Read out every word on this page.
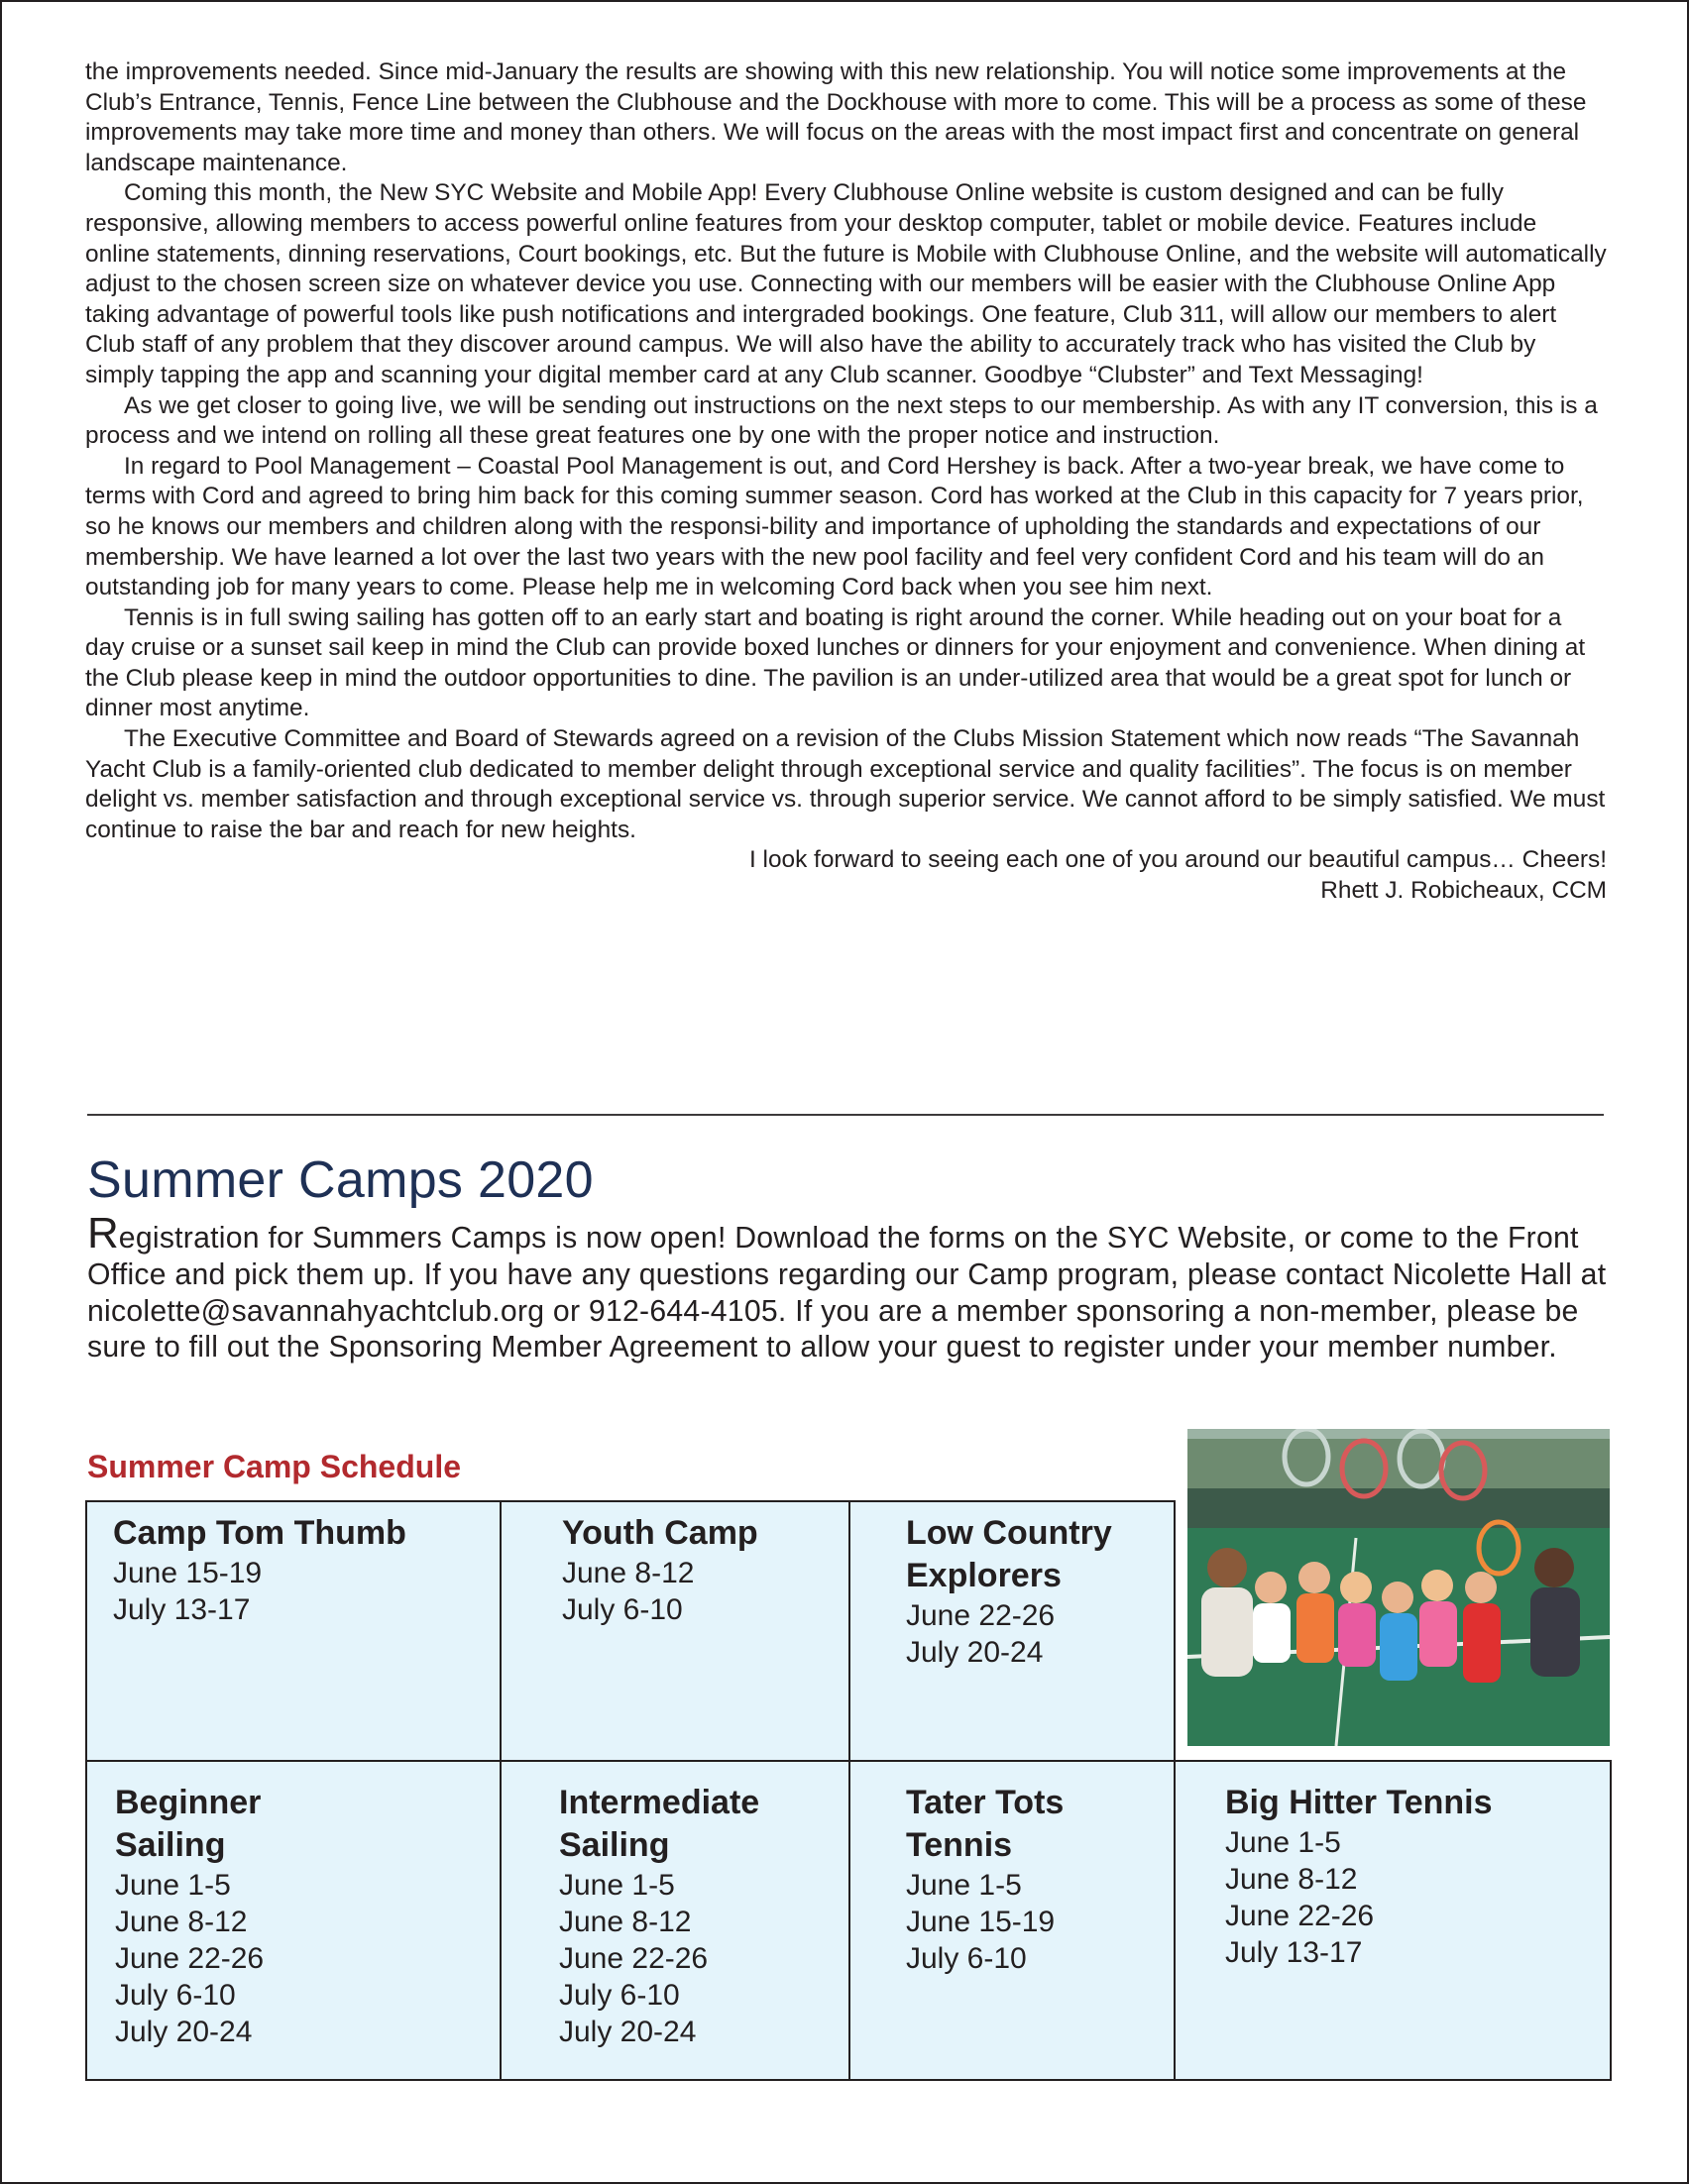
the improvements needed. Since mid-January the results are showing with this new relationship. You will notice some improvements at the Club’s Entrance, Tennis, Fence Line between the Clubhouse and the Dockhouse with more to come. This will be a process as some of these improvements may take more time and money than others. We will focus on the areas with the most impact first and concentrate on general landscape maintenance.

Coming this month, the New SYC Website and Mobile App! Every Clubhouse Online website is custom designed and can be fully responsive, allowing members to access powerful online features from your desktop computer, tablet or mobile device. Features include online statements, dinning reservations, Court bookings, etc. But the future is Mobile with Clubhouse Online, and the website will automatically adjust to the chosen screen size on whatever device you use. Connecting with our members will be easier with the Clubhouse Online App taking advantage of powerful tools like push notifications and intergraded bookings. One feature, Club 311, will allow our members to alert Club staff of any problem that they discover around campus. We will also have the ability to accurately track who has visited the Club by simply tapping the app and scanning your digital member card at any Club scanner. Goodbye “Clubster” and Text Messaging!

As we get closer to going live, we will be sending out instructions on the next steps to our membership. As with any IT conversion, this is a process and we intend on rolling all these great features one by one with the proper notice and instruction.

In regard to Pool Management – Coastal Pool Management is out, and Cord Hershey is back. After a two-year break, we have come to terms with Cord and agreed to bring him back for this coming summer season. Cord has worked at the Club in this capacity for 7 years prior, so he knows our members and children along with the responsi-bility and importance of upholding the standards and expectations of our membership. We have learned a lot over the last two years with the new pool facility and feel very confident Cord and his team will do an outstanding job for many years to come. Please help me in welcoming Cord back when you see him next.

Tennis is in full swing sailing has gotten off to an early start and boating is right around the corner. While heading out on your boat for a day cruise or a sunset sail keep in mind the Club can provide boxed lunches or dinners for your enjoyment and convenience. When dining at the Club please keep in mind the outdoor opportunities to dine. The pavilion is an under-utilized area that would be a great spot for lunch or dinner most anytime.

The Executive Committee and Board of Stewards agreed on a revision of the Clubs Mission Statement which now reads “The Savannah Yacht Club is a family-oriented club dedicated to member delight through exceptional service and quality facilities”. The focus is on member delight vs. member satisfaction and through exceptional service vs. through superior service. We cannot afford to be simply satisfied. We must continue to raise the bar and reach for new heights.

I look forward to seeing each one of you around our beautiful campus… Cheers!

Rhett J. Robicheaux, CCM

Summer Camps 2020
Registration for Summers Camps is now open! Download the forms on the SYC Website, or come to the Front Office and pick them up. If you have any questions regarding our Camp program, please contact Nicolette Hall at nicolette@savannahyachtclub.org or 912-644-4105. If you are a member sponsoring a non-member, please be sure to fill out the Sponsoring Member Agreement to allow your guest to register under your member number.
Summer Camp Schedule
Camp Tom Thumb
June 15-19
July 13-17
Youth Camp
June 8-12
July 6-10
Low Country
Explorers
June 22-26
July 20-24
Beginner
Sailing
June 1-5
June 8-12
June 22-26
July 6-10
July 20-24
Intermediate
Sailing
June 1-5
June 8-12
June 22-26
July 6-10
July 20-24
Tater Tots
Tennis
June 1-5
June 15-19
July 6-10
Big Hitter Tennis
June 1-5
June 8-12
June 22-26
July 13-17
